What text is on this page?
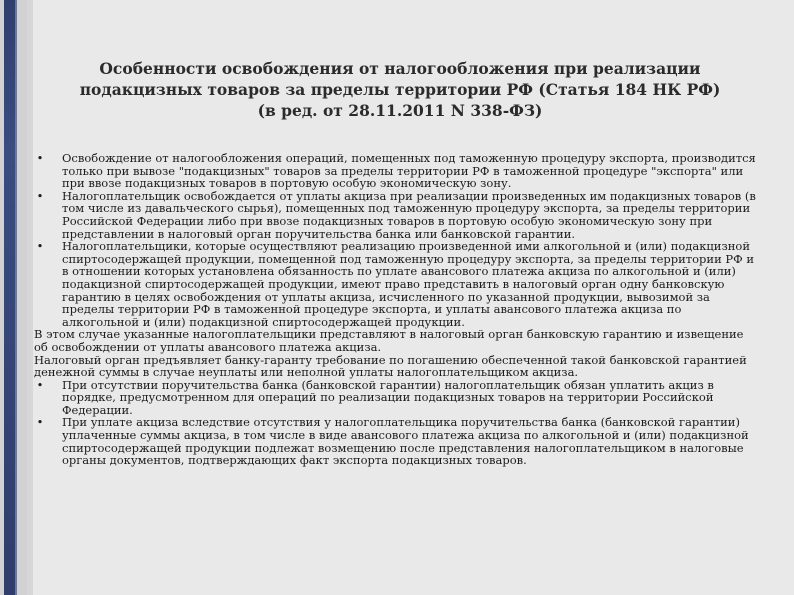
Особенности освобождения от налогообложения при реализации
подакцизных товаров за пределы территории РФ (Статья 184 НК РФ)
(в ред. от 28.11.2011 N 338-ФЗ)
• Освобождение от налогообложения операций, помещенных под таможенную процедуру экспорта, производится только при вывозе "подакцизных" товаров за пределы территории РФ в таможенной процедуре "экспорта" или при ввозе подакцизных товаров в портовую особую экономическую зону.
• Налогоплательщик освобождается от уплаты акциза при реализации произведенных им подакцизных товаров (в том числе из давальческого сырья), помещенных под таможенную процедуру экспорта, за пределы территории Российской Федерации либо при ввозе подакцизных товаров в портовую особую экономическую зону при представлении в налоговый орган поручительства банка или банковской гарантии.
• Налогоплательщики, которые осуществляют реализацию произведенной ими алкогольной и (или) подакцизной спиртосодержащей продукции, помещенной под таможенную процедуру экспорта, за пределы территории РФ и в отношении которых установлена обязанность по уплате авансового платежа акциза по алкогольной и (или) подакцизной спиртосодержащей продукции, имеют право представить в налоговый орган одну банковскую гарантию в целях освобождения от уплаты акциза, исчисленного по указанной продукции, вывозимой за пределы территории РФ в таможенной процедуре экспорта, и уплаты авансового платежа акциза по алкогольной и (или) подакцизной спиртосодержащей продукции.
В этом случае указанные налогоплательщики представляют в налоговый орган банковскую гарантию и извещение об освобождении от уплаты авансового платежа акциза.
Налоговый орган предъявляет банку-гаранту требование по погашению обеспеченной такой банковской гарантией денежной суммы в случае неуплаты или неполной уплаты налогоплательщиком акциза.
• При отсутствии поручительства банка (банковской гарантии) налогоплательщик обязан уплатить акциз в порядке, предусмотренном для операций по реализации подакцизных товаров на территории Российской Федерации.
• При уплате акциза вследствие отсутствия у налогоплательщика поручительства банка (банковской гарантии) уплаченные суммы акциза, в том числе в виде авансового платежа акциза по алкогольной и (или) подакцизной спиртосодержащей продукции подлежат возмещению после представления налогоплательщиком в налоговые органы документов, подтверждающих факт экспорта подакцизных товаров.
